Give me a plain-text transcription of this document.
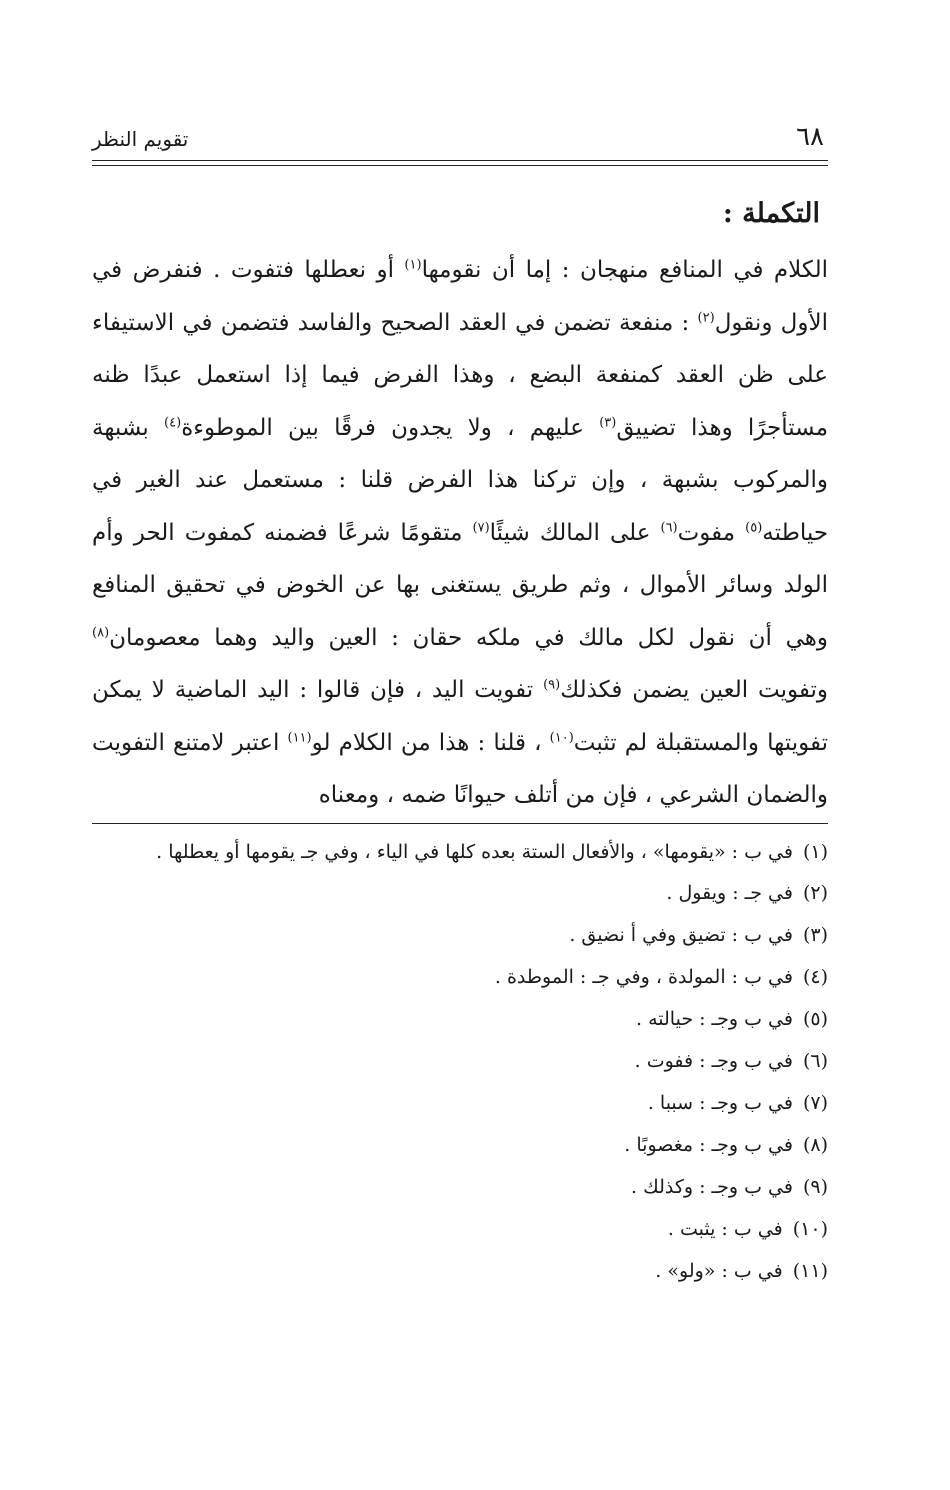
٦٨
تقويم النظر
التكملة :

الكلام في المنافع منهجان : إما أن نقومها$^{(١)}$ أو نعطلها فتفوت . فنفرض في الأول ونقول$^{(٢)}$ : منفعة تضمن في العقد الصحيح والفاسد فتضمن في الاستيفاء على ظن العقد كمنفعة البضع ، وهذا الفرض فيما إذا استعمل عبدًا ظنه مستأجرًا وهذا تضييق$^{(٣)}$ عليهم ، ولا يجدون فرقًا بين الموطوءة$^{(٤)}$ بشبهة والمركوب بشبهة ، وإن تركنا هذا الفرض قلنا : مستعمل عند الغير في حياطته$^{(٥)}$ مفوت$^{(٦)}$ على المالك شيئًا$^{(٧)}$ متقومًا شرعًا فضمنه كمفوت الحر وأم الولد وسائر الأموال ، وثم طريق يستغنى بها عن الخوض في تحقيق المنافع وهي أن نقول لكل مالك في ملكه حقان : العين واليد وهما معصومان$^{(٨)}$ وتفويت العين يضمن فكذلك$^{(٩)}$ تفويت اليد ، فإن قالوا : اليد الماضية لا يمكن تفويتها والمستقبلة لم تثبت$^{(١٠)}$ ، قلنا : هذا من الكلام لو$^{(١١)}$ اعتبر لامتنع التفويت والضمان الشرعي ، فإن من أتلف حيوانًا ضمه ، ومعناه

(١)في ب : «يقومها» ، والأفعال الستة بعده كلها في الياء ، وفي جـ يقومها أو يعطلها .
(٢)في جـ : ويقول .
(٣)في ب : تضيق وفي أ نضيق .
(٤)في ب : المولدة ، وفي جـ : الموطدة .
(٥)في ب وجـ : حيالته .
(٦)في ب وجـ : ففوت .
(٧)في ب وجـ : سببا .
(٨)في ب وجـ : مغصوبًا .
(٩)في ب وجـ : وكذلك .
(١٠)في ب : يثبت .
(١١)في ب : «ولو» .
